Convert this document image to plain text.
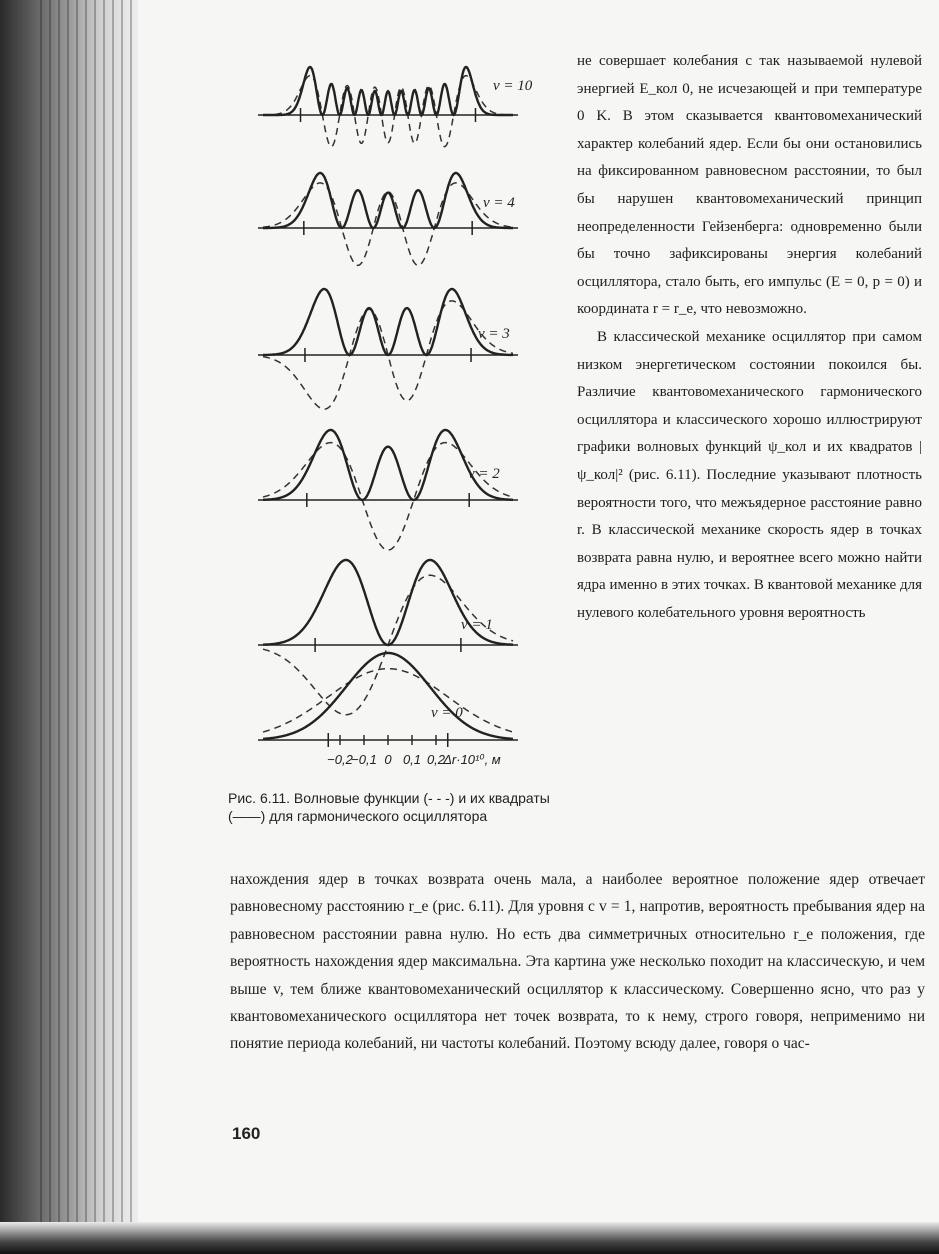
v = 10
v = 4
v = 3
v = 2
v = 1
v = 0
−0,2
−0,1 0 0,1 0,2
Δr·10¹⁰, м

Рис. 6.11. Волновые функции (- - -) и их квадраты (——) для гармонического осциллятора

не совершает колебания с так называемой нулевой энергией E_кол 0, не исчезающей и при температуре 0 K. В этом сказывается квантовомеханический характер колебаний ядер. Если бы они остановились на фиксированном равновесном расстоянии, то был бы нарушен квантовомеханический принцип неопределенности Гейзенберга: одновременно были бы точно зафиксированы энергия колебаний осциллятора, стало быть, его импульс (E = 0, p = 0) и координата r = r_e, что невозможно.

В классической механике осциллятор при самом низком энергетическом состоянии покоился бы. Различие квантовомеханического гармонического осциллятора и классического хорошо иллюстрируют графики волновых функций ψ_кол и их квадратов |ψ_кол|² (рис. 6.11). Последние указывают плотность вероятности того, что межъядерное расстояние равно r. В классической механике скорость ядер в точках возврата равна нулю, и вероятнее всего можно найти ядра именно в этих точках. В квантовой механике для нулевого колебательного уровня вероятность

нахождения ядер в точках возврата очень мала, а наиболее вероятное положение ядер отвечает равновесному расстоянию r_e (рис. 6.11). Для уровня с v = 1, напротив, вероятность пребывания ядер на равновесном расстоянии равна нулю. Но есть два симметричных относительно r_e положения, где вероятность нахождения ядер максимальна. Эта картина уже несколько походит на классическую, и чем выше v, тем ближе квантовомеханический осциллятор к классическому. Совершенно ясно, что раз у квантовомеханического осциллятора нет точек возврата, то к нему, строго говоря, неприменимо ни понятие периода колебаний, ни частоты колебаний. Поэтому всюду далее, говоря о час-

160
